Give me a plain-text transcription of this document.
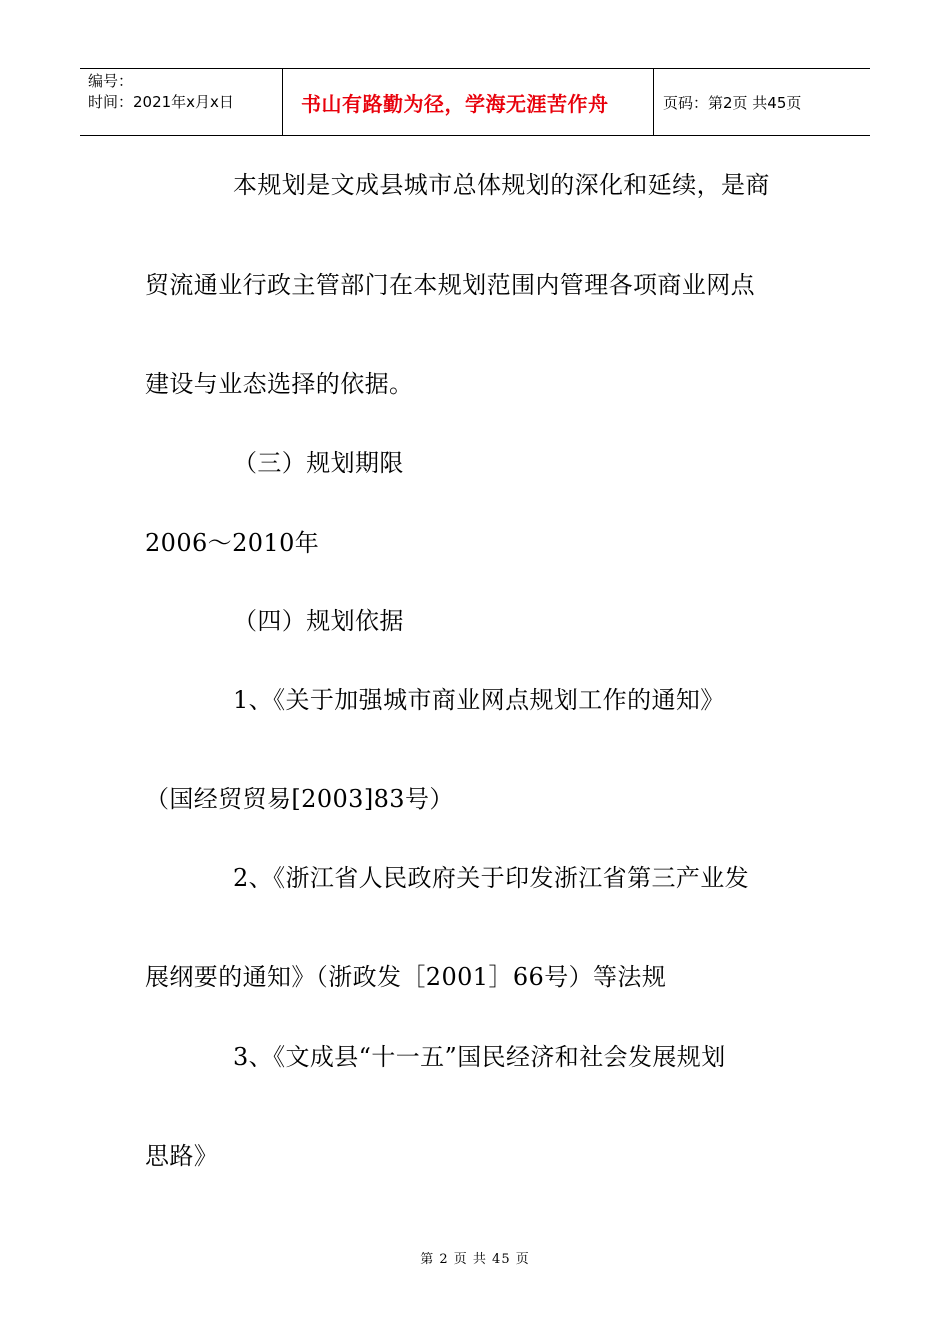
编号：
时间：2021年x月x日	书山有路勤为径，学海无涯苦作舟	页码：第2页 共45页
本规划是文成县城市总体规划的深化和延续，是商
贸流通业行政主管部门在本规划范围内管理各项商业网点
建设与业态选择的依据。
（三）规划期限
2006～2010年
（四）规划依据
1、《关于加强城市商业网点规划工作的通知》
（国经贸贸易[2003]83号）
2、《浙江省人民政府关于印发浙江省第三产业发
展纲要的通知》（浙政发［2001］66号）等法规
3、《文成县“十一五”国民经济和社会发展规划
思路》
第 2 页 共 45 页
